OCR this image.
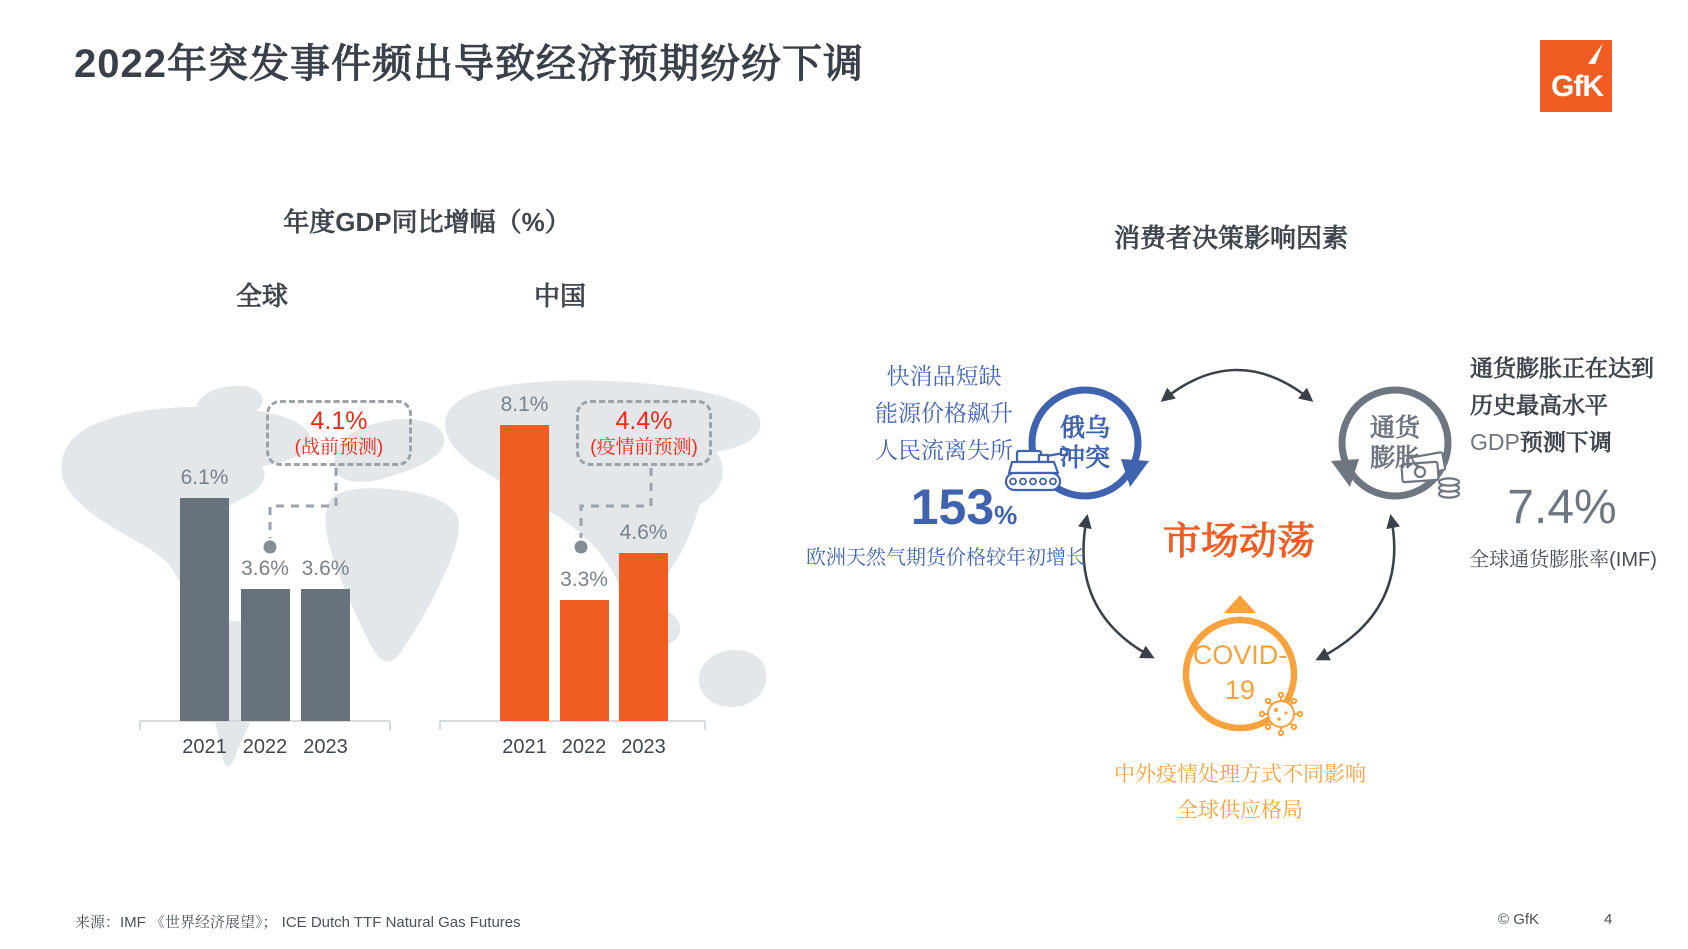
2022年突发事件频出导致经济预期纷纷下调
GfK
年度GDP同比增幅（%）
全球	中国
6.1%
3.6% 3.6%
8.1%
3.3%
4.6%
2021 2022 2023	2021 2022 2023
4.1%
(战前预测)
4.4%
(疫情前预测)
消费者决策影响因素
快消品短缺
能源价格飙升
人民流离失所
153%
欧洲天然气期货价格较年初增长
俄乌
冲突
通货
膨胀
COVID-
19
市场动荡
通货膨胀正在达到
历史最高水平
GDP预测下调
7.4%
全球通货膨胀率(IMF)
中外疫情处理方式不同影响
全球供应格局
来源：IMF 《世界经济展望》； ICE Dutch TTF Natural Gas Futures	© GfK	4
